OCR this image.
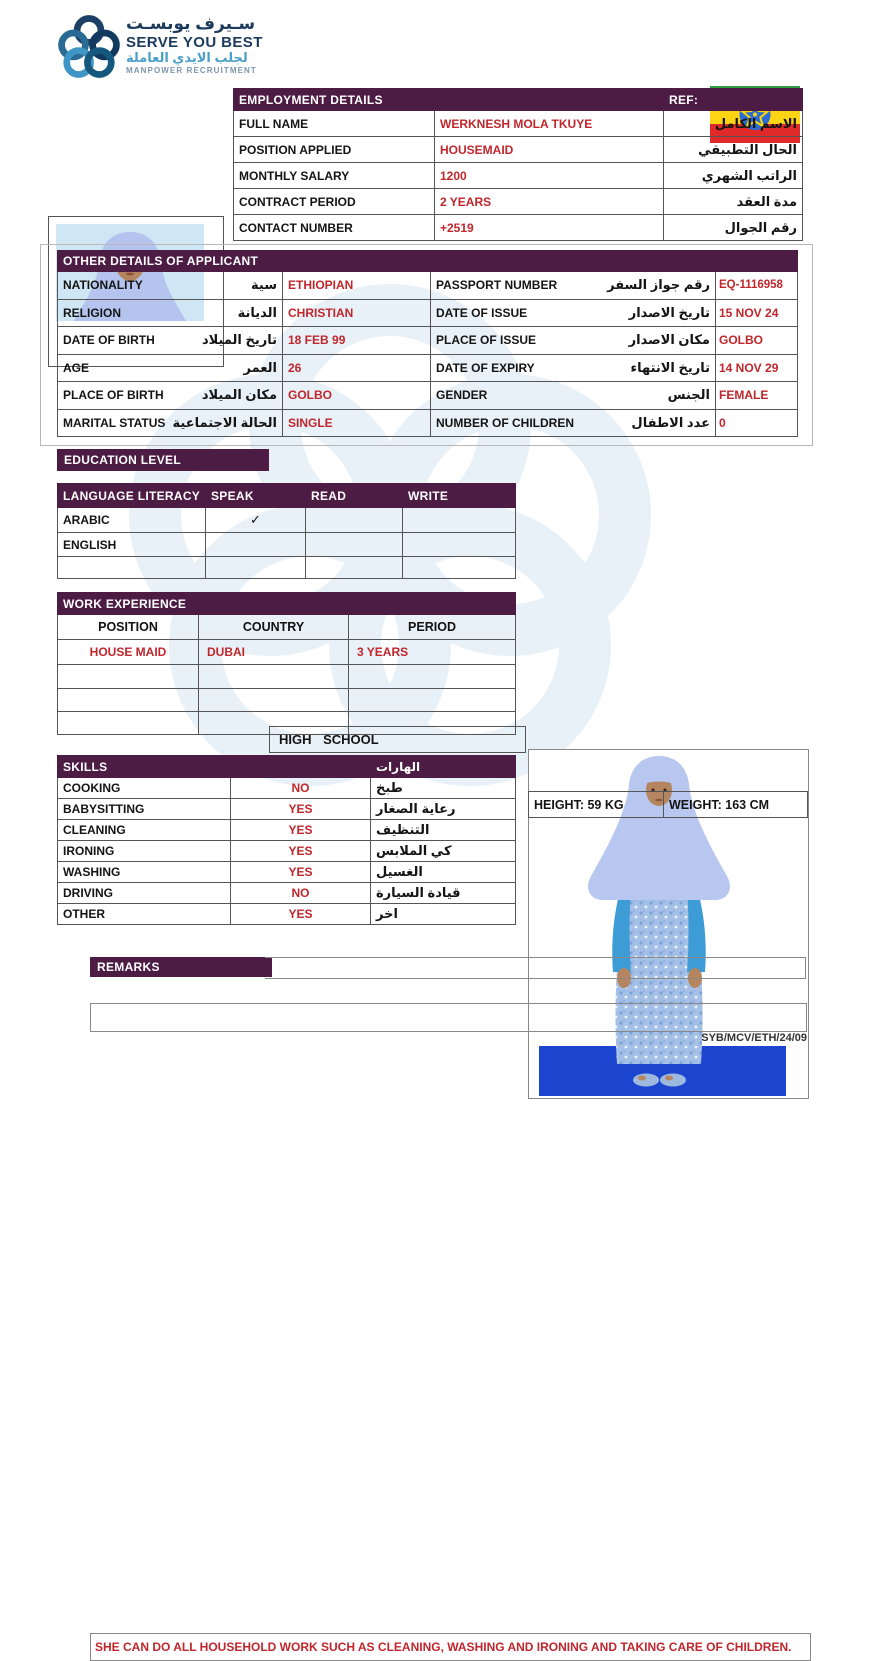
سـيرف يوبسـت
SERVE YOU BEST
لجلب الايدي العاملة
MANPOWER RECRUITMENT
EMPLOYMENT DETAILS		REF:
FULL NAME	WERKNESH MOLA TKUYE	الاسم الكامل
POSITION APPLIED	HOUSEMAID	الحال التطبيقي
MONTHLY SALARY	1200	الراتب الشهري
CONTRACT PERIOD	2 YEARS	مدة العقد
CONTACT NUMBER	+2519	رقم الجوال
OTHER DETAILS OF APPLICANT			

NATIONALITY سية	ETHIOPIAN	PASSPORT NUMBER رقم جواز السفر	EQ-1116958

RELIGION الديانة	CHRISTIAN	DATE OF ISSUE تاريخ الاصدار	15 NOV 24

DATE OF BIRTH تاريخ الميلاد	18 FEB 99	PLACE OF ISSUE مكان الاصدار	GOLBO

AGE العمر	26	DATE OF EXPIRY تاريخ الانتهاء	14 NOV 29

PLACE OF BIRTH مكان الميلاد	GOLBO	GENDER الجنس	FEMALE

MARITAL STATUS الحالة الاجتماعية	SINGLE	NUMBER OF CHILDREN عدد الاطفال	0
EDUCATION LEVEL
HIGH SCHOOL
LANGUAGE LITERACY	SPEAK	READ	WRITE
ARABIC	✓		
ENGLISH			

WORK EXPERIENCE		
POSITION	COUNTRY	PERIOD
HOUSE MAID	DUBAI	3 YEARS

SKILLS		الهارات
COOKING	NO	طبخ
BABYSITTING	YES	رعاية الصغار
CLEANING	YES	التنظيف
IRONING	YES	كي الملابس
WASHING	YES	الغسيل
DRIVING	NO	قيادة السيارة
OTHER	YES	اخر
HEIGHT: 59 KG	WEIGHT: 163 CM
REMARKS
SHE CAN DO ALL HOUSEHOLD WORK SUCH AS CLEANING, WASHING AND IRONING AND TAKING CARE OF CHILDREN.
SYB/MCV/ETH/24/09
